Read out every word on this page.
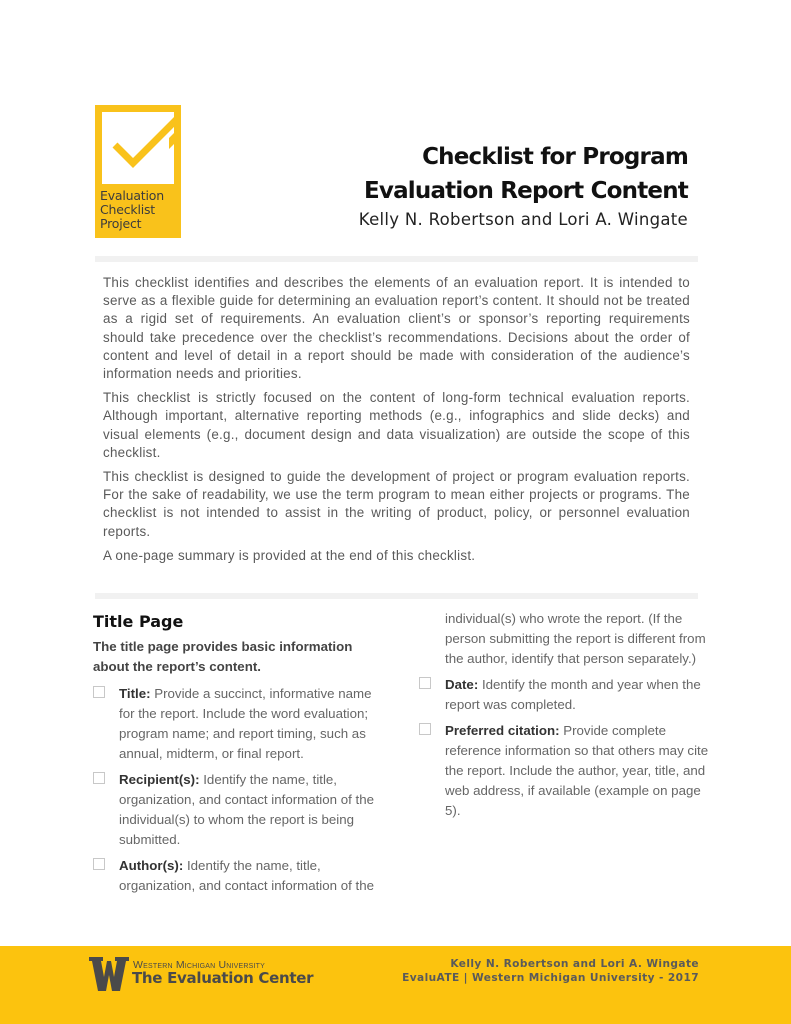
Evaluation
Checklist
Project
Checklist for Program
Evaluation Report Content
Kelly N. Robertson and Lori A. Wingate

This checklist identifies and describes the elements of an evaluation report. It is intended to serve as a flexible guide for determining an evaluation report’s content. It should not be treated as a rigid set of requirements. An evaluation client’s or sponsor’s reporting requirements should take precedence over the checklist’s recommendations. Decisions about the order of content and level of detail in a report should be made with consideration of the audience’s information needs and priorities.

This checklist is strictly focused on the content of long-form technical evaluation reports. Although important, alternative reporting methods (e.g., infographics and slide decks) and visual elements (e.g., document design and data visualization) are outside the scope of this checklist.

This checklist is designed to guide the development of project or program evaluation reports. For the sake of readability, we use the term program to mean either projects or programs. The checklist is not intended to assist in the writing of product, policy, or personnel evaluation reports.

A one-page summary is provided at the end of this checklist.

Title Page
The title page provides basic information about the report’s content.
Title: Provide a succinct, informative name for the report. Include the word evaluation; program name; and report timing, such as annual, midterm, or final report.
Recipient(s): Identify the name, title, organization, and contact information of the individual(s) to whom the report is being submitted.
Author(s): Identify the name, title, organization, and contact information of the
individual(s) who wrote the report. (If the person submitting the report is different from the author, identify that person separately.)
Date: Identify the month and year when the report was completed.
Preferred citation: Provide complete reference information so that others may cite the report. Include the author, year, title, and web address, if available (example on page 5).
Western Michigan University
The Evaluation Center
Kelly N. Robertson and Lori A. Wingate
EvaluATE | Western Michigan University - 2017
